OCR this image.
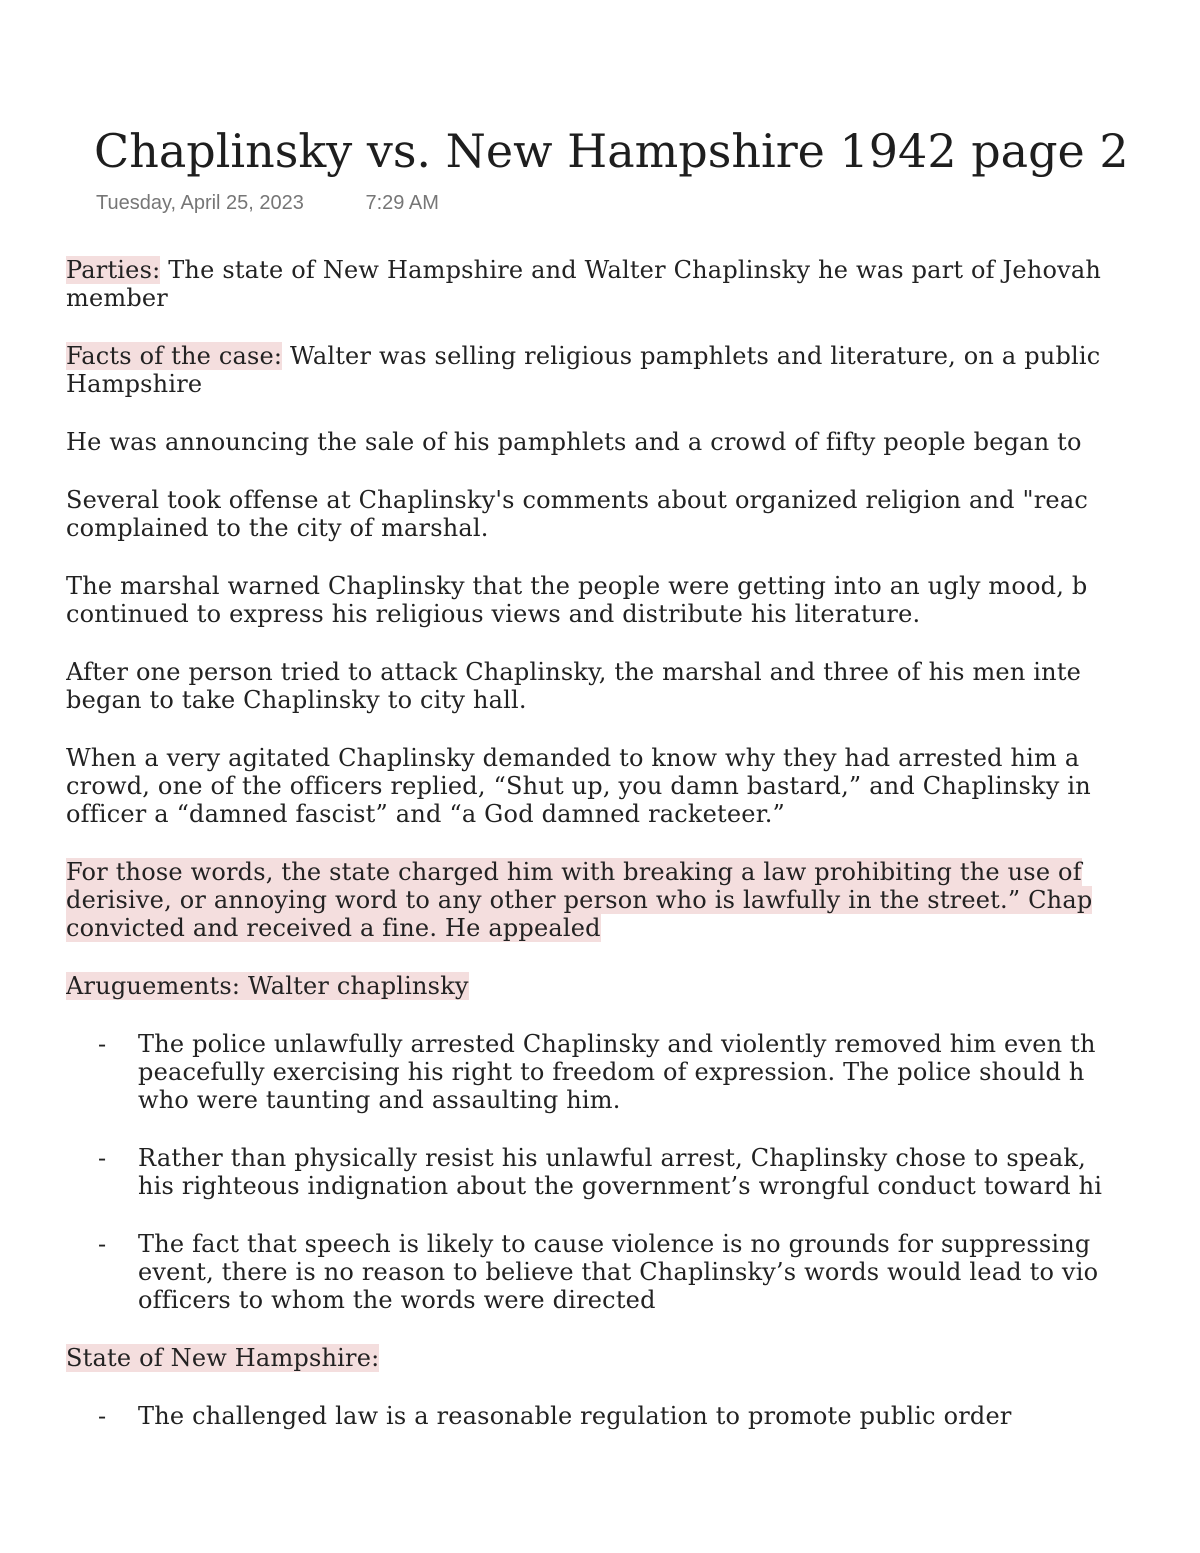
Chaplinsky vs. New Hampshire 1942 page 2
Tuesday, April 25, 2023	7:29 AM

Parties: The state of New Hampshire and Walter Chaplinsky he was part of Jehovah
member

Facts of the case: Walter was selling religious pamphlets and literature, on a public
Hampshire

He was announcing the sale of his pamphlets and a crowd of fifty people began to

Several took offense at Chaplinsky's comments about organized religion and "reac
complained to the city of marshal.

The marshal warned Chaplinsky that the people were getting into an ugly mood, b
continued to express his religious views and distribute his literature.

After one person tried to attack Chaplinsky, the marshal and three of his men inte
began to take Chaplinsky to city hall.

When a very agitated Chaplinsky demanded to know why they had arrested him a
crowd, one of the officers replied, “Shut up, you damn bastard,” and Chaplinsky in
officer a “damned fascist” and “a God damned racketeer.”

For those words, the state charged him with breaking a law prohibiting the use of
derisive, or annoying word to any other person who is lawfully in the street.” Chap
convicted and received a fine. He appealed

Aruguements: Walter chaplinsky

- The police unlawfully arrested Chaplinsky and violently removed him even th
peacefully exercising his right to freedom of expression. The police should h
who were taunting and assaulting him.
- Rather than physically resist his unlawful arrest, Chaplinsky chose to speak,
his righteous indignation about the government’s wrongful conduct toward hi
- The fact that speech is likely to cause violence is no grounds for suppressing
event, there is no reason to believe that Chaplinsky’s words would lead to vio
officers to whom the words were directed

State of New Hampshire:

- The challenged law is a reasonable regulation to promote public order
